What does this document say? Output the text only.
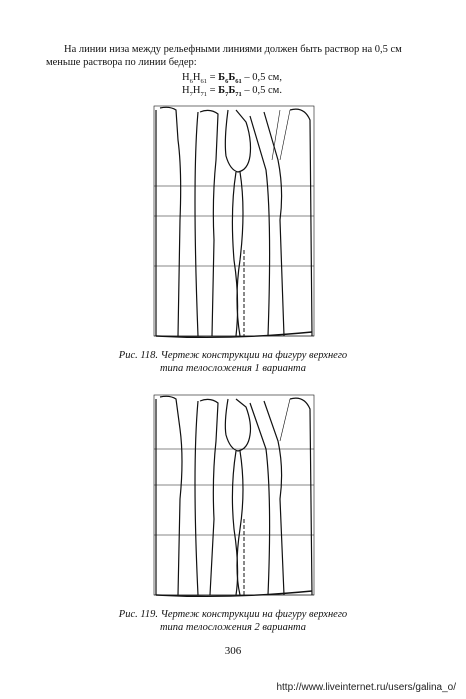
На линии низа между рельефными линиями должен быть раствор на 0,5 см меньше раствора по линии бедер:

$Н_6Н_{61} = Б_6Б_{61} - 0,5$ см,
$Н_7Н_{71} = Б_7Б_{71} - 0,5$ см.
Рис. 118. Чертеж конструкции на фигуру верхнего
типа телосложения 1 варианта
Рис. 119. Чертеж конструкции на фигуру верхнего
типа телосложения 2 варианта
306
http://www.liveinternet.ru/users/galina_o/
